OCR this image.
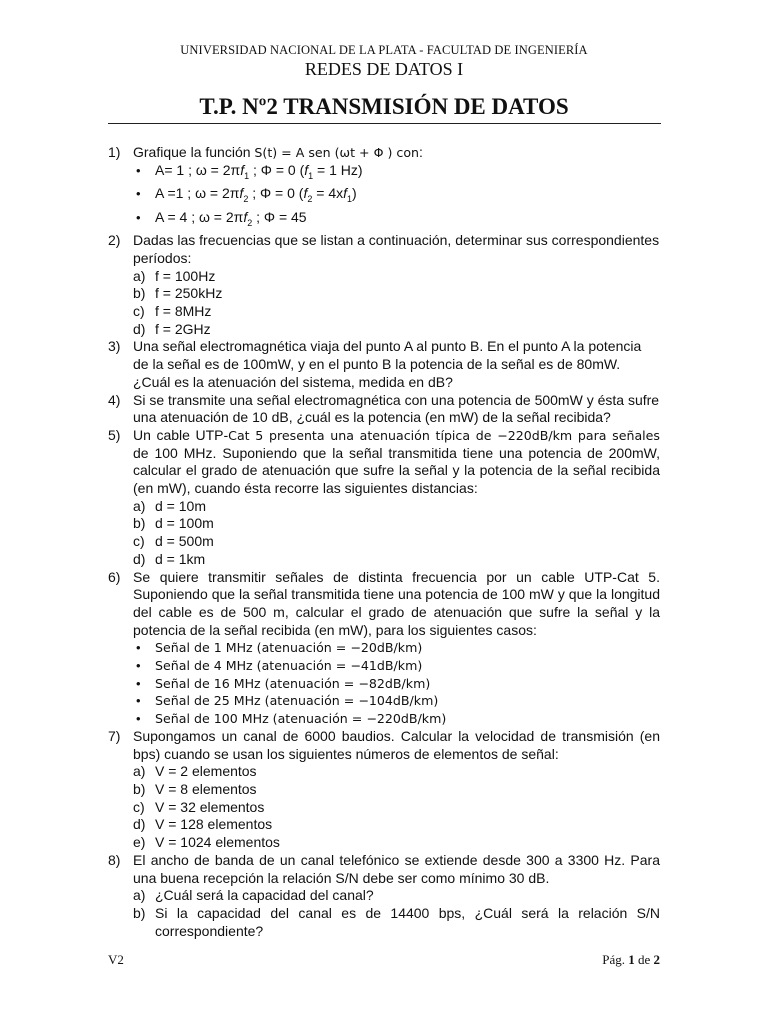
UNIVERSIDAD NACIONAL DE LA PLATA - FACULTAD DE INGENIERÍA
REDES DE DATOS I
T.P. Nº2 TRANSMISIÓN DE DATOS
1) Grafique la función S(t) = A sen (ωt + Φ ) con:
•	A= 1 ; $\omega = 2\pi f_1$ ; Φ = 0 ($f_1 = 1$ Hz)
•	A =1 ; $\omega = 2\pi f_2$ ; Φ = 0 $(f_2 = 4xf_1)$
•	A = 4 ; $\omega = 2\pi f_2$ ; Φ = 45
2) Dadas las frecuencias que se listan a continuación, determinar sus correspondientes períodos:
a) f = 100Hz
b) f = 250kHz
c) f = 8MHz
d) f = 2GHz
3) Una señal electromagnética viaja del punto A al punto B. En el punto A la potencia de la señal es de 100mW, y en el punto B la potencia de la señal es de 80mW. ¿Cuál es la atenuación del sistema, medida en dB?
4) Si se transmite una señal electromagnética con una potencia de 500mW y ésta sufre una atenuación de 10 dB, ¿cuál es la potencia (en mW) de la señal recibida?
5) Un cable UTP-Cat 5 presenta una atenuación típica de −220dB/km para señales de 100 MHz. Suponiendo que la señal transmitida tiene una potencia de 200mW, calcular el grado de atenuación que sufre la señal y la potencia de la señal recibida (en mW), cuando ésta recorre las siguientes distancias:
a) d = 10m
b) d = 100m
c) d = 500m
d) d = 1km
6) Se quiere transmitir señales de distinta frecuencia por un cable UTP-Cat 5. Suponiendo que la señal transmitida tiene una potencia de 100 mW y que la longitud del cable es de 500 m, calcular el grado de atenuación que sufre la señal y la potencia de la señal recibida (en mW), para los siguientes casos:
•	Señal de 1 MHz (atenuación = −20dB/km)
•	Señal de 4 MHz (atenuación = −41dB/km)
•	Señal de 16 MHz (atenuación = −82dB/km)
•	Señal de 25 MHz (atenuación = −104dB/km)
•	Señal de 100 MHz (atenuación = −220dB/km)
7) Supongamos un canal de 6000 baudios. Calcular la velocidad de transmisión (en bps) cuando se usan los siguientes números de elementos de señal:
a) V = 2 elementos
b) V = 8 elementos
c) V = 32 elementos
d) V = 128 elementos
e) V = 1024 elementos
8) El ancho de banda de un canal telefónico se extiende desde 300 a 3300 Hz. Para una buena recepción la relación S/N debe ser como mínimo 30 dB.
a) ¿Cuál será la capacidad del canal?
b) Si la capacidad del canal es de 14400 bps, ¿Cuál será la relación S/N correspondiente?
V2	Pág. 1 de 2
